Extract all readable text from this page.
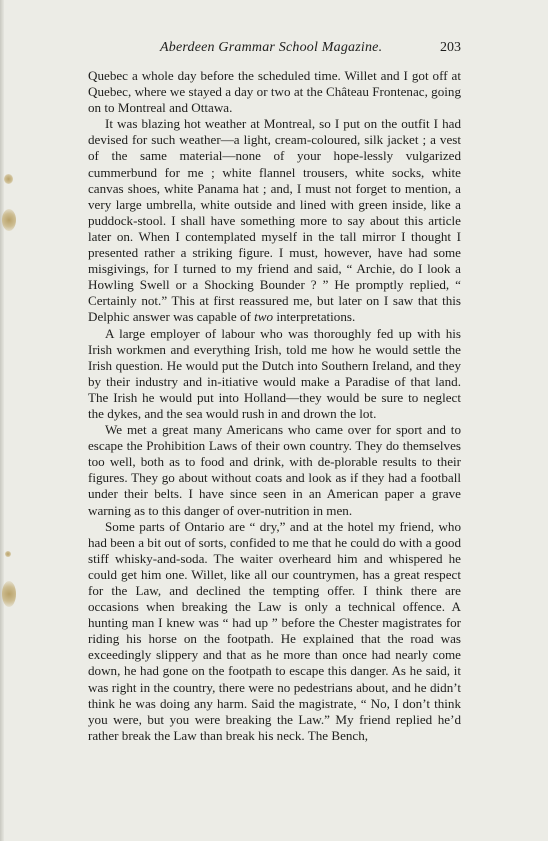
Aberdeen Grammar School Magazine.	203

Quebec a whole day before the scheduled time. Willet and I got off at Quebec, where we stayed a day or two at the Château Frontenac, going on to Montreal and Ottawa.

It was blazing hot weather at Montreal, so I put on the outfit I had devised for such weather—a light, cream-coloured, silk jacket ; a vest of the same material—none of your hope-lessly vulgarized cummerbund for me ; white flannel trousers, white socks, white canvas shoes, white Panama hat ; and, I must not forget to mention, a very large umbrella, white outside and lined with green inside, like a puddock-stool. I shall have something more to say about this article later on. When I contemplated myself in the tall mirror I thought I presented rather a striking figure. I must, however, have had some misgivings, for I turned to my friend and said, “ Archie, do I look a Howling Swell or a Shocking Bounder ? ” He promptly replied, “ Certainly not.” This at first reassured me, but later on I saw that this Delphic answer was capable of two interpretations.

A large employer of labour who was thoroughly fed up with his Irish workmen and everything Irish, told me how he would settle the Irish question. He would put the Dutch into Southern Ireland, and they by their industry and in-itiative would make a Paradise of that land. The Irish he would put into Holland—they would be sure to neglect the dykes, and the sea would rush in and drown the lot.

We met a great many Americans who came over for sport and to escape the Prohibition Laws of their own country. They do themselves too well, both as to food and drink, with de-plorable results to their figures. They go about without coats and look as if they had a football under their belts. I have since seen in an American paper a grave warning as to this danger of over-nutrition in men.

Some parts of Ontario are “ dry,” and at the hotel my friend, who had been a bit out of sorts, confided to me that he could do with a good stiff whisky-and-soda. The waiter overheard him and whispered he could get him one. Willet, like all our countrymen, has a great respect for the Law, and declined the tempting offer. I think there are occasions when breaking the Law is only a technical offence. A hunting man I knew was “ had up ” before the Chester magistrates for riding his horse on the footpath. He explained that the road was exceedingly slippery and that as he more than once had nearly come down, he had gone on the footpath to escape this danger. As he said, it was right in the country, there were no pedestrians about, and he didn’t think he was doing any harm. Said the magistrate, “ No, I don’t think you were, but you were breaking the Law.” My friend replied he’d rather break the Law than break his neck. The Bench,
